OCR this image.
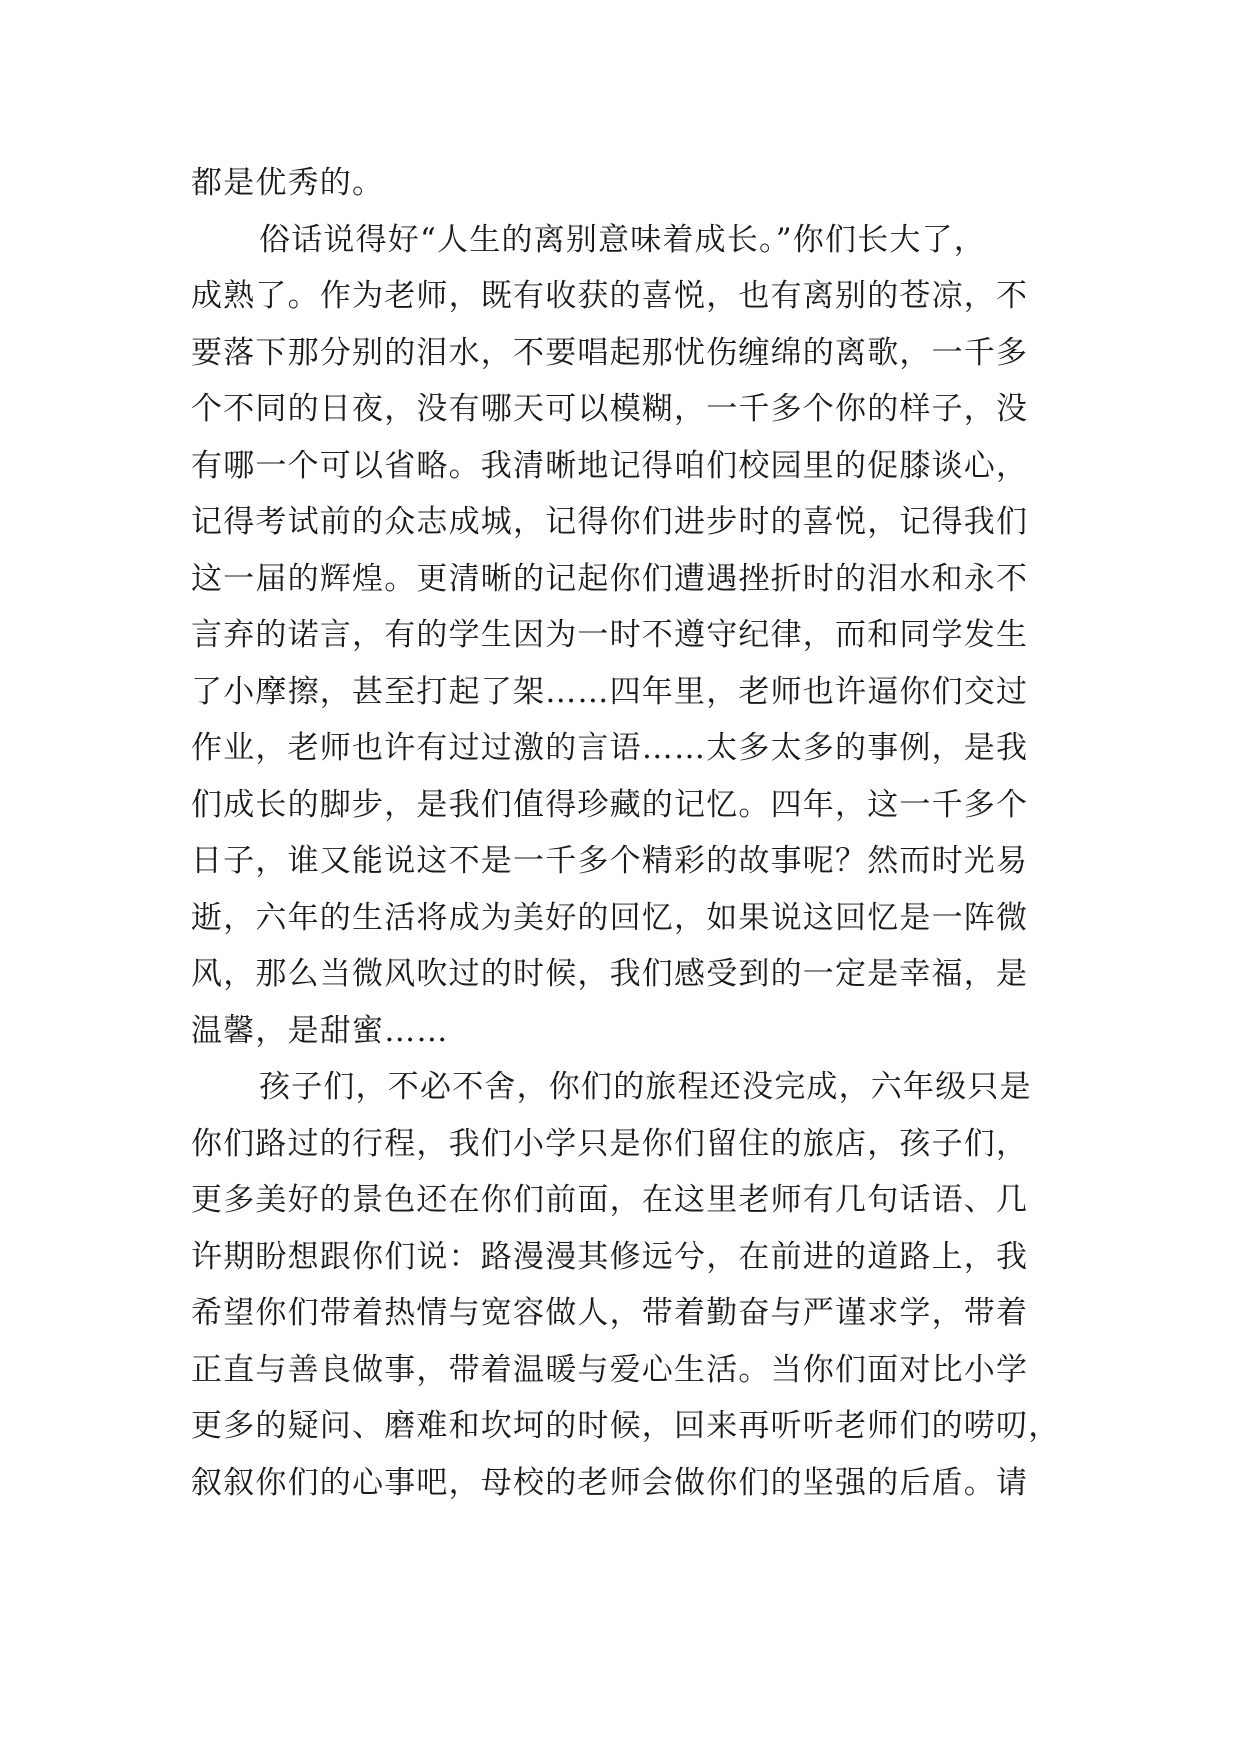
都是优秀的。
俗话说得好“人生的离别意味着成长。”你们长大了，
成熟了。作为老师，既有收获的喜悦，也有离别的苍凉，不
要落下那分别的泪水，不要唱起那忧伤缠绵的离歌，一千多
个不同的日夜，没有哪天可以模糊，一千多个你的样子，没
有哪一个可以省略。我清晰地记得咱们校园里的促膝谈心，
记得考试前的众志成城，记得你们进步时的喜悦，记得我们
这一届的辉煌。更清晰的记起你们遭遇挫折时的泪水和永不
言弃的诺言，有的学生因为一时不遵守纪律，而和同学发生
了小摩擦，甚至打起了架……四年里，老师也许逼你们交过
作业，老师也许有过过激的言语……太多太多的事例，是我
们成长的脚步，是我们值得珍藏的记忆。四年，这一千多个
日子，谁又能说这不是一千多个精彩的故事呢？然而时光易
逝，六年的生活将成为美好的回忆，如果说这回忆是一阵微
风，那么当微风吹过的时候，我们感受到的一定是幸福，是
温馨，是甜蜜……
孩子们，不必不舍，你们的旅程还没完成，六年级只是
你们路过的行程，我们小学只是你们留住的旅店，孩子们，
更多美好的景色还在你们前面，在这里老师有几句话语、几
许期盼想跟你们说：路漫漫其修远兮，在前进的道路上，我
希望你们带着热情与宽容做人，带着勤奋与严谨求学，带着
正直与善良做事，带着温暖与爱心生活。当你们面对比小学
更多的疑问、磨难和坎坷的时候，回来再听听老师们的唠叨，
叙叙你们的心事吧，母校的老师会做你们的坚强的后盾。请
